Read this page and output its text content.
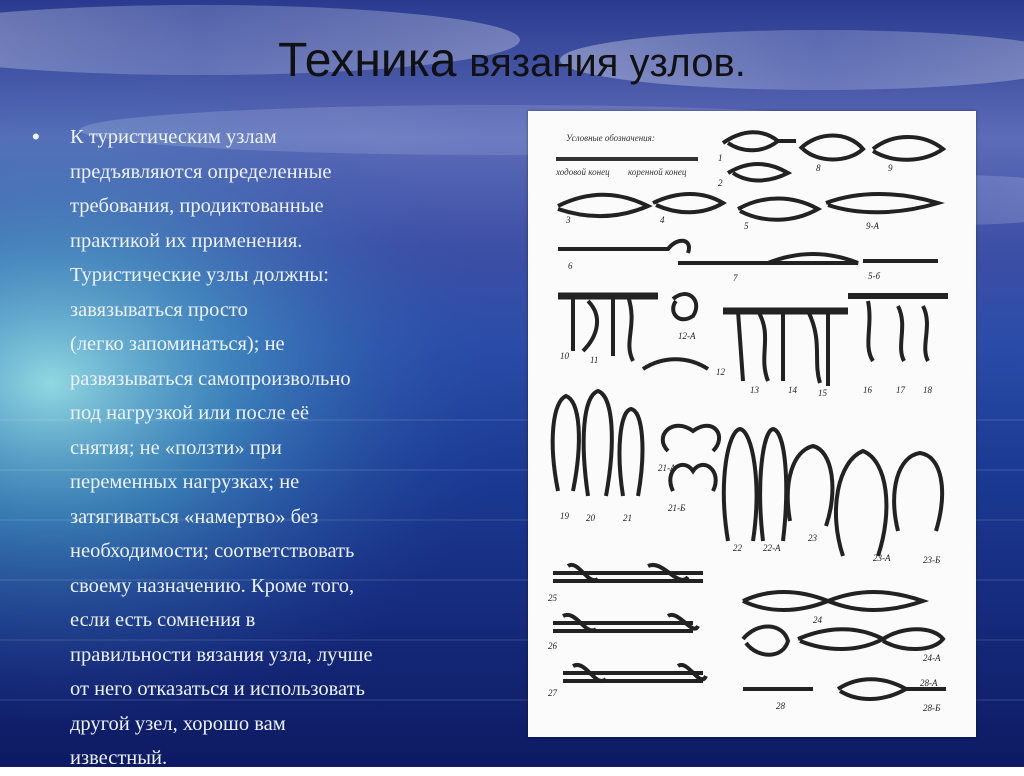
Техника вязания узлов.
•	К туристическим узлам
предъявляются определенные
требования, продиктованные
практикой их применения.
Туристические узлы должны:
завязываться просто
(легко запоминаться); не
развязываться самопроизвольно
под нагрузкой или после её
снятия; не «ползти» при
переменных нагрузках; не
затягиваться «намертво» без
необходимости; соответствовать
своему назначению. Кроме того,
если есть сомнения в
правильности вязания узла, лучше
от него отказаться и использовать
другой узел, хорошо вам
известный.
Условные обозначения:
ходовой конец коренной конец
1
2
8	9
3	4
5	9-А
6
7	5-б
10 11
12-А
12
13	14 15	16	17 18
19 20	21
21-А
21-Б
22 22-А
23
23-А	23-Б
25
26
27
24
24-А
28
28-А
28-Б
